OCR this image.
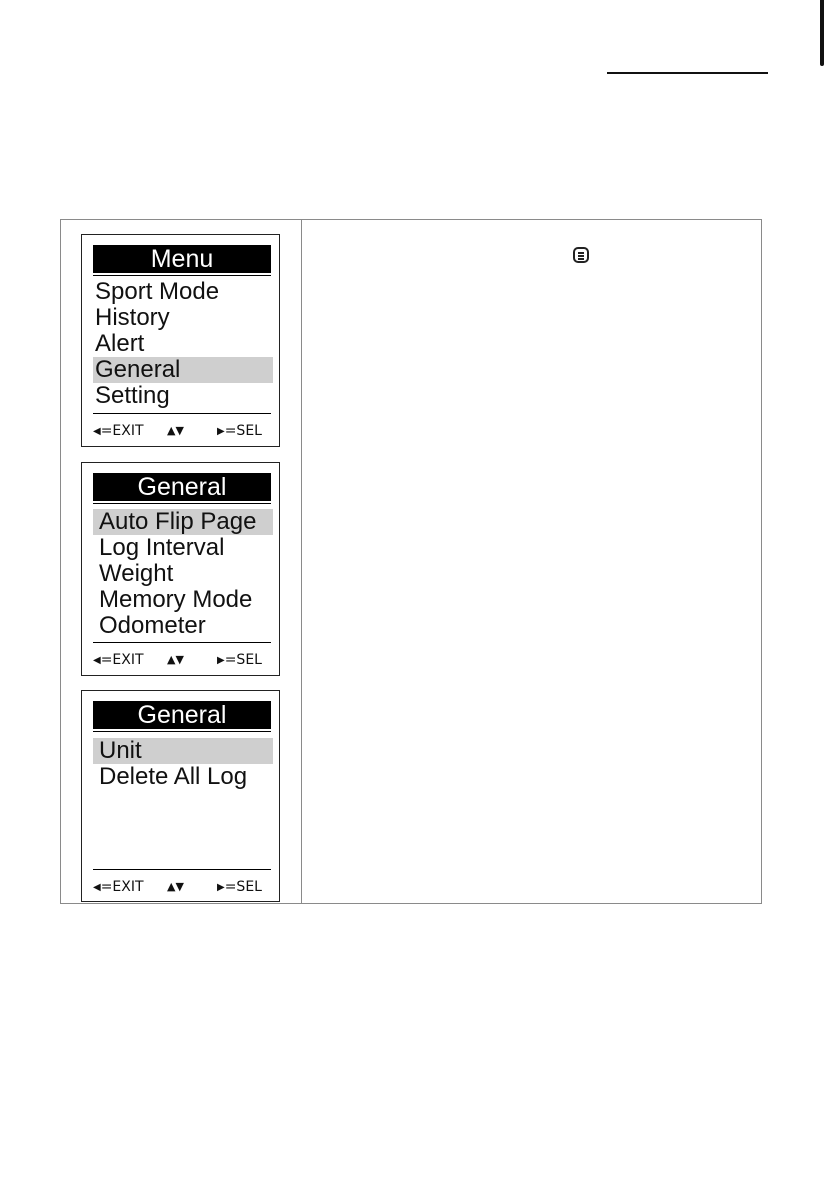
Menu
Sport Mode
History
Alert
General
Setting
◀=EXIT ▲▼	▶=SEL
General
Auto Flip Page
Log Interval
Weight
Memory Mode
Odometer
◀=EXIT ▲▼	▶=SEL
General
Unit
Delete All Log
◀=EXIT ▲▼	▶=SEL
